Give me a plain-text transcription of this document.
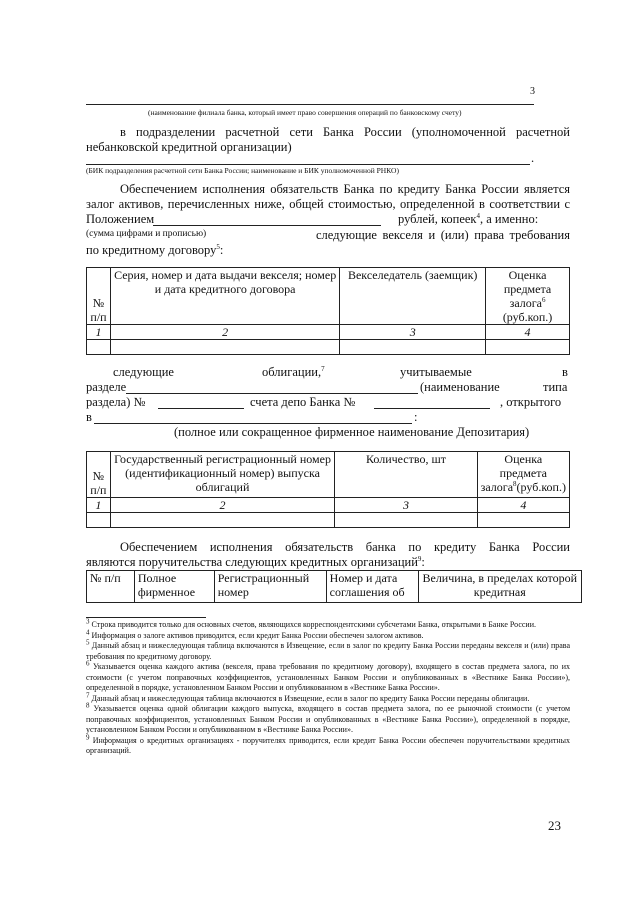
3
(наименование филиала банка, который имеет право совершения операций по банковскому счету)
в подразделении расчетной сети Банка России (уполномоченной расчетной
небанковской кредитной организации)
.
(БИК подразделения расчетной сети Банка России; наименование и БИК уполномоченной РНКО)
Обеспечением исполнения обязательств Банка по кредиту Банка России является
залог активов, перечисленных ниже, общей стоимостью, определенной в соответствии с
Положением	рублей, копеек$^4$, а именно:
(сумма цифрами и прописью)	следующие векселя и (или) права требования
по кредитному договору$^5$:
№ п/п	Серия, номер и дата выдачи векселя; номер и дата кредитного договора	Векселедатель (заемщик)	Оценка предмета залога$^6$
(руб.коп.)
1	2	3	4

следующие	облигации,$^7$	учитываемые	в
разделе	(наименование	типа
раздела) №	счета депо Банка №	, открытого
в	:
(полное или сокращенное фирменное наименование Депозитария)
№ п/п	Государственный регистрационный номер (идентификационный номер) выпуска облигаций	Количество, шт	Оценка предмета залога$^8$(руб.коп.)
1	2	3	4

Обеспечением исполнения обязательств банка по кредиту Банка России
являются поручительства следующих кредитных организаций$^9$:
№ п/п	Полное фирменное	Регистрационный номер	Номер и дата соглашения об	Величина, в пределах которой кредитная
$^3$ Строка приводится только для основных счетов, являющихся корреспондентскими субсчетами Банка, открытыми в Банке России.
$^4$ Информация о залоге активов приводится, если кредит Банка России обеспечен залогом активов.
$^5$ Данный абзац и нижеследующая таблица включаются в Извещение, если в залог по кредиту Банка России переданы векселя и (или) права требования по кредитному договору.
$^6$ Указывается оценка каждого актива (векселя, права требования по кредитному договору), входящего в состав предмета залога, по их стоимости (с учетом поправочных коэффициентов, установленных Банком России и опубликованных в «Вестнике Банка России»), определенной в порядке, установленном Банком России и опубликованном в «Вестнике Банка России».
$^7$ Данный абзац и нижеследующая таблица включаются в Извещение, если в залог по кредиту Банка России переданы облигации.
$^8$ Указывается оценка одной облигации каждого выпуска, входящего в состав предмета залога, по ее рыночной стоимости (с учетом поправочных коэффициентов, установленных Банком России и опубликованных в «Вестнике Банка России»), определенной в порядке, установленном Банком России и опубликованном в «Вестнике Банка России».
$^9$ Информация о кредитных организациях - поручителях приводится, если кредит Банка России обеспечен поручительствами кредитных организаций.
23
